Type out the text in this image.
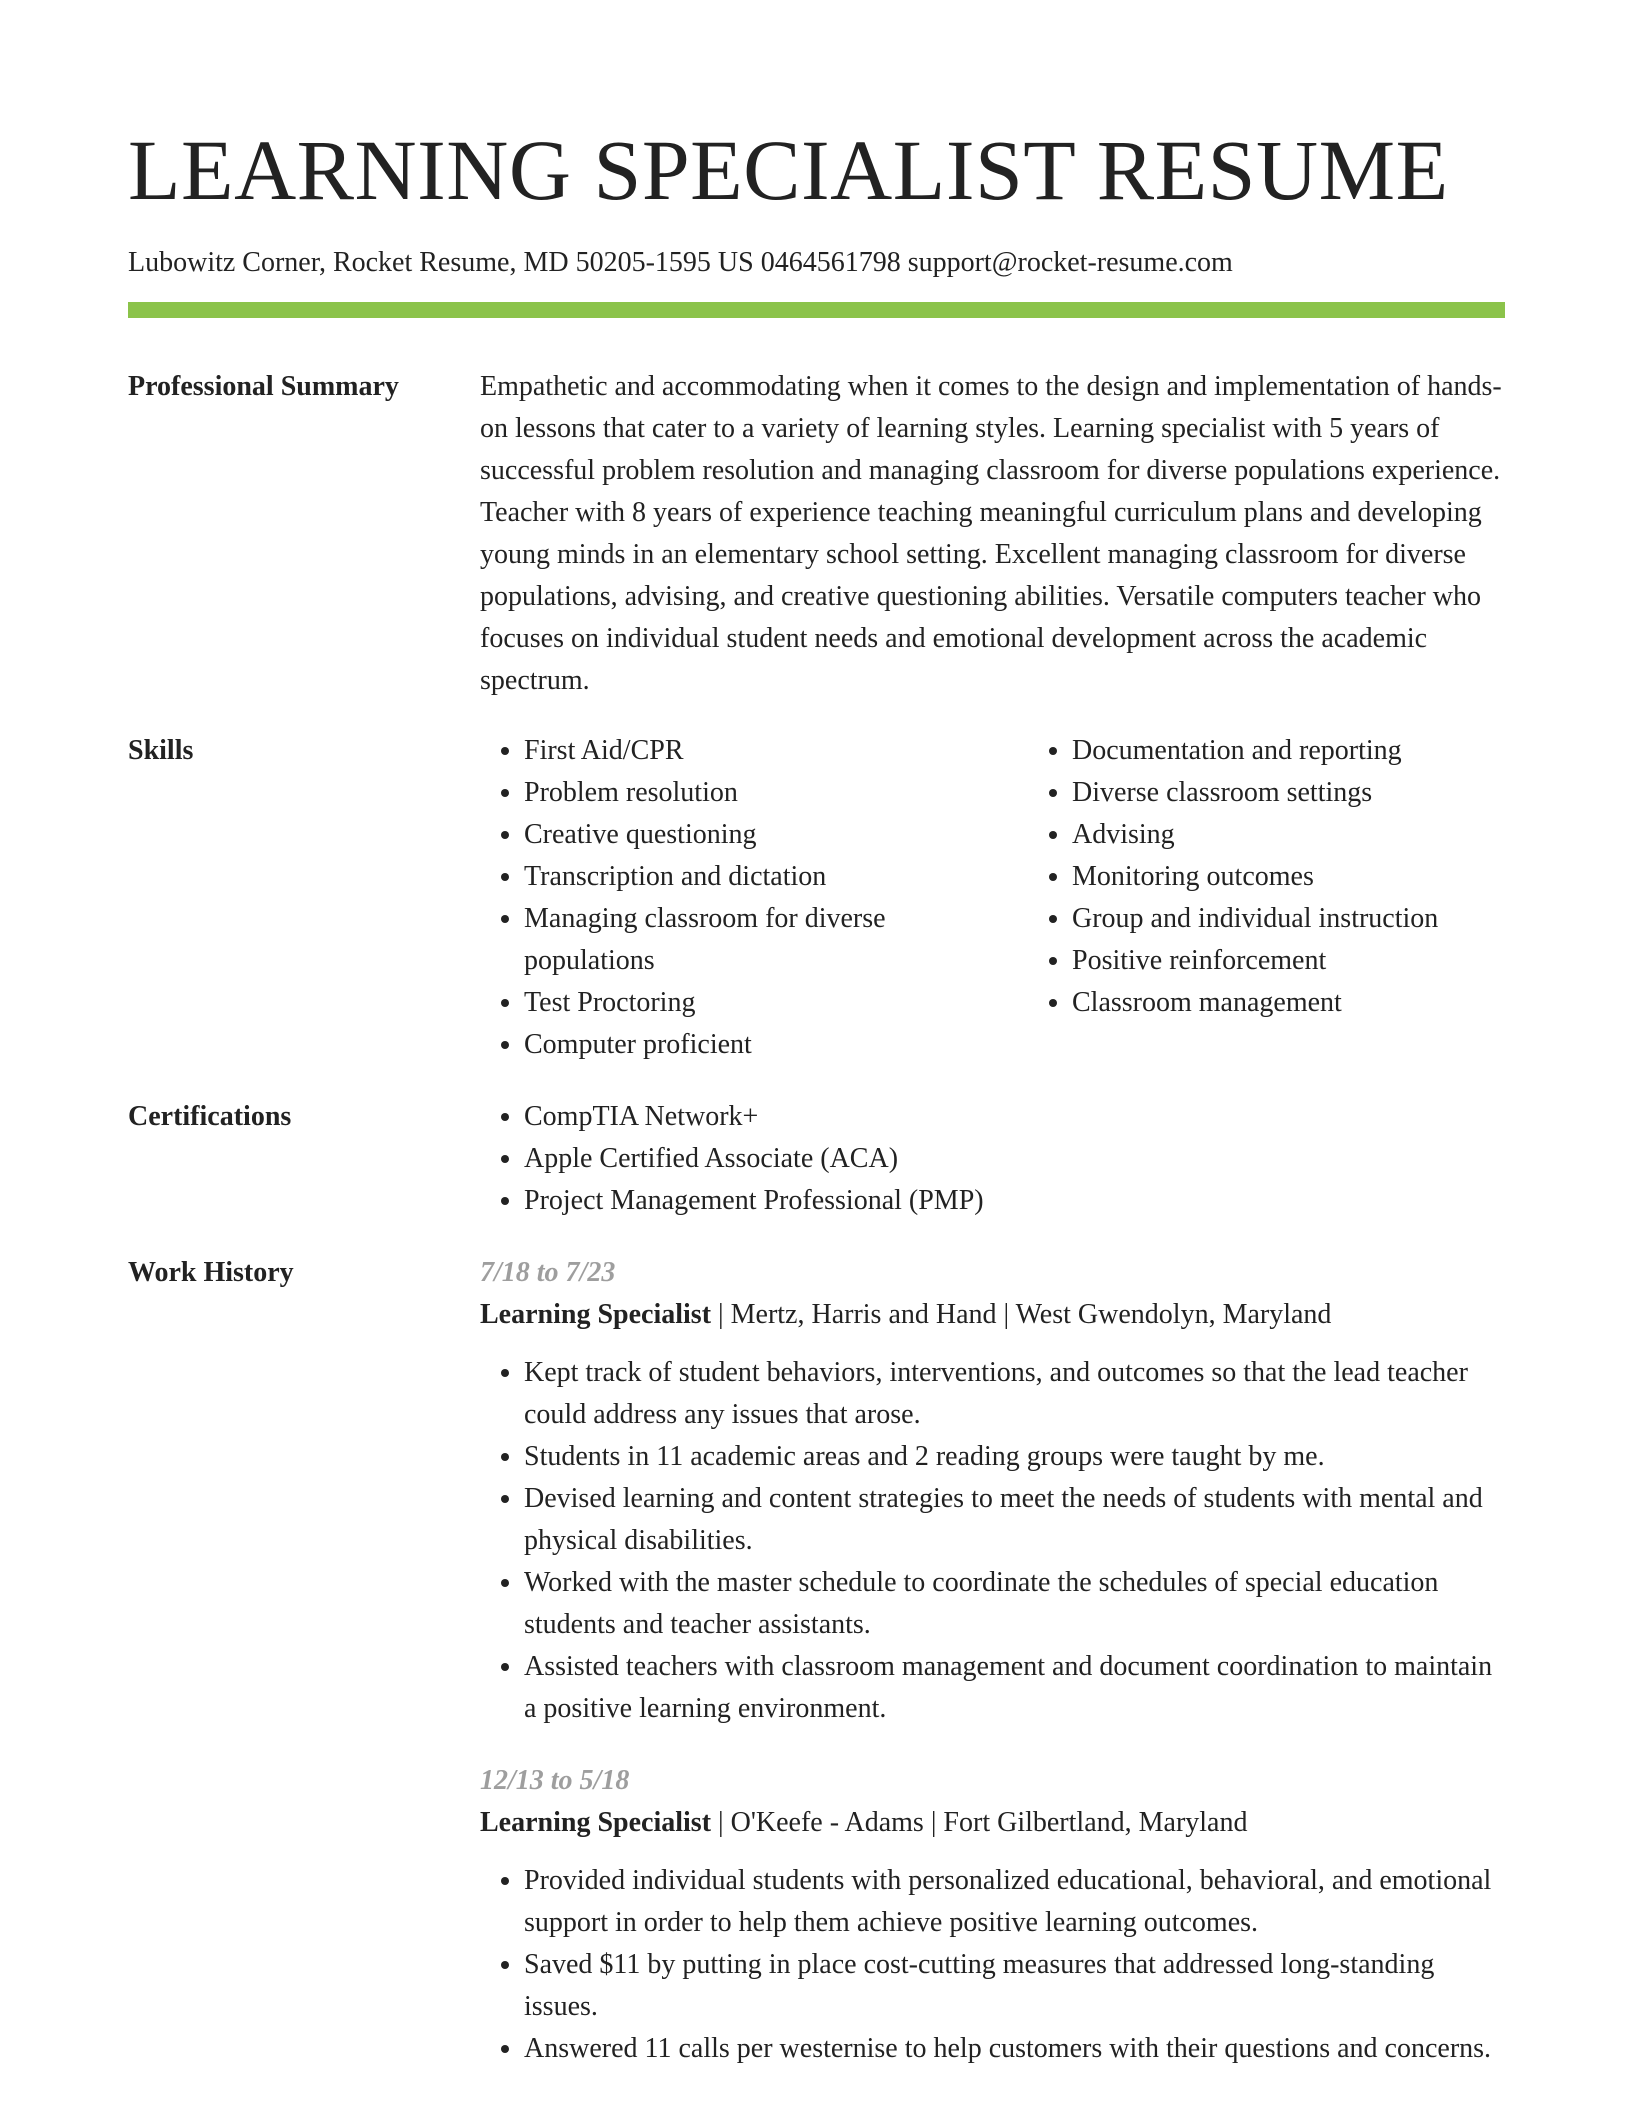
LEARNING SPECIALIST RESUME
Lubowitz Corner, Rocket Resume, MD 50205-1595 US 0464561798 support@rocket-resume.com
Professional Summary	Empathetic and accommodating when it comes to the design and implementation of hands-on lessons that cater to a variety of learning styles. Learning specialist with 5 years of successful problem resolution and managing classroom for diverse populations experience. Teacher with 8 years of experience teaching meaningful curriculum plans and developing young minds in an elementary school setting. Excellent managing classroom for diverse populations, advising, and creative questioning abilities. Versatile computers teacher who focuses on individual student needs and emotional development across the academic spectrum.

Skills	• First Aid/CPR
• Problem resolution
• Creative questioning
• Transcription and dictation
• Managing classroom for diverse populations
• Test Proctoring
• Computer proficient
• Documentation and reporting
• Diverse classroom settings
• Advising
• Monitoring outcomes
• Group and individual instruction
• Positive reinforcement
• Classroom management
Certifications	• CompTIA Network+
• Apple Certified Associate (ACA)
• Project Management Professional (PMP)
Work History	7/18 to 7/23
Learning Specialist | Mertz, Harris and Hand | West Gwendolyn, Maryland
• Kept track of student behaviors, interventions, and outcomes so that the lead teacher could address any issues that arose.
• Students in 11 academic areas and 2 reading groups were taught by me.
• Devised learning and content strategies to meet the needs of students with mental and physical disabilities.
• Worked with the master schedule to coordinate the schedules of special education students and teacher assistants.
• Assisted teachers with classroom management and document coordination to maintain a positive learning environment.
12/13 to 5/18
Learning Specialist | O'Keefe - Adams | Fort Gilbertland, Maryland
• Provided individual students with personalized educational, behavioral, and emotional support in order to help them achieve positive learning outcomes.
• Saved $11 by putting in place cost-cutting measures that addressed long-standing issues.
• Answered 11 calls per westernise to help customers with their questions and concerns.
